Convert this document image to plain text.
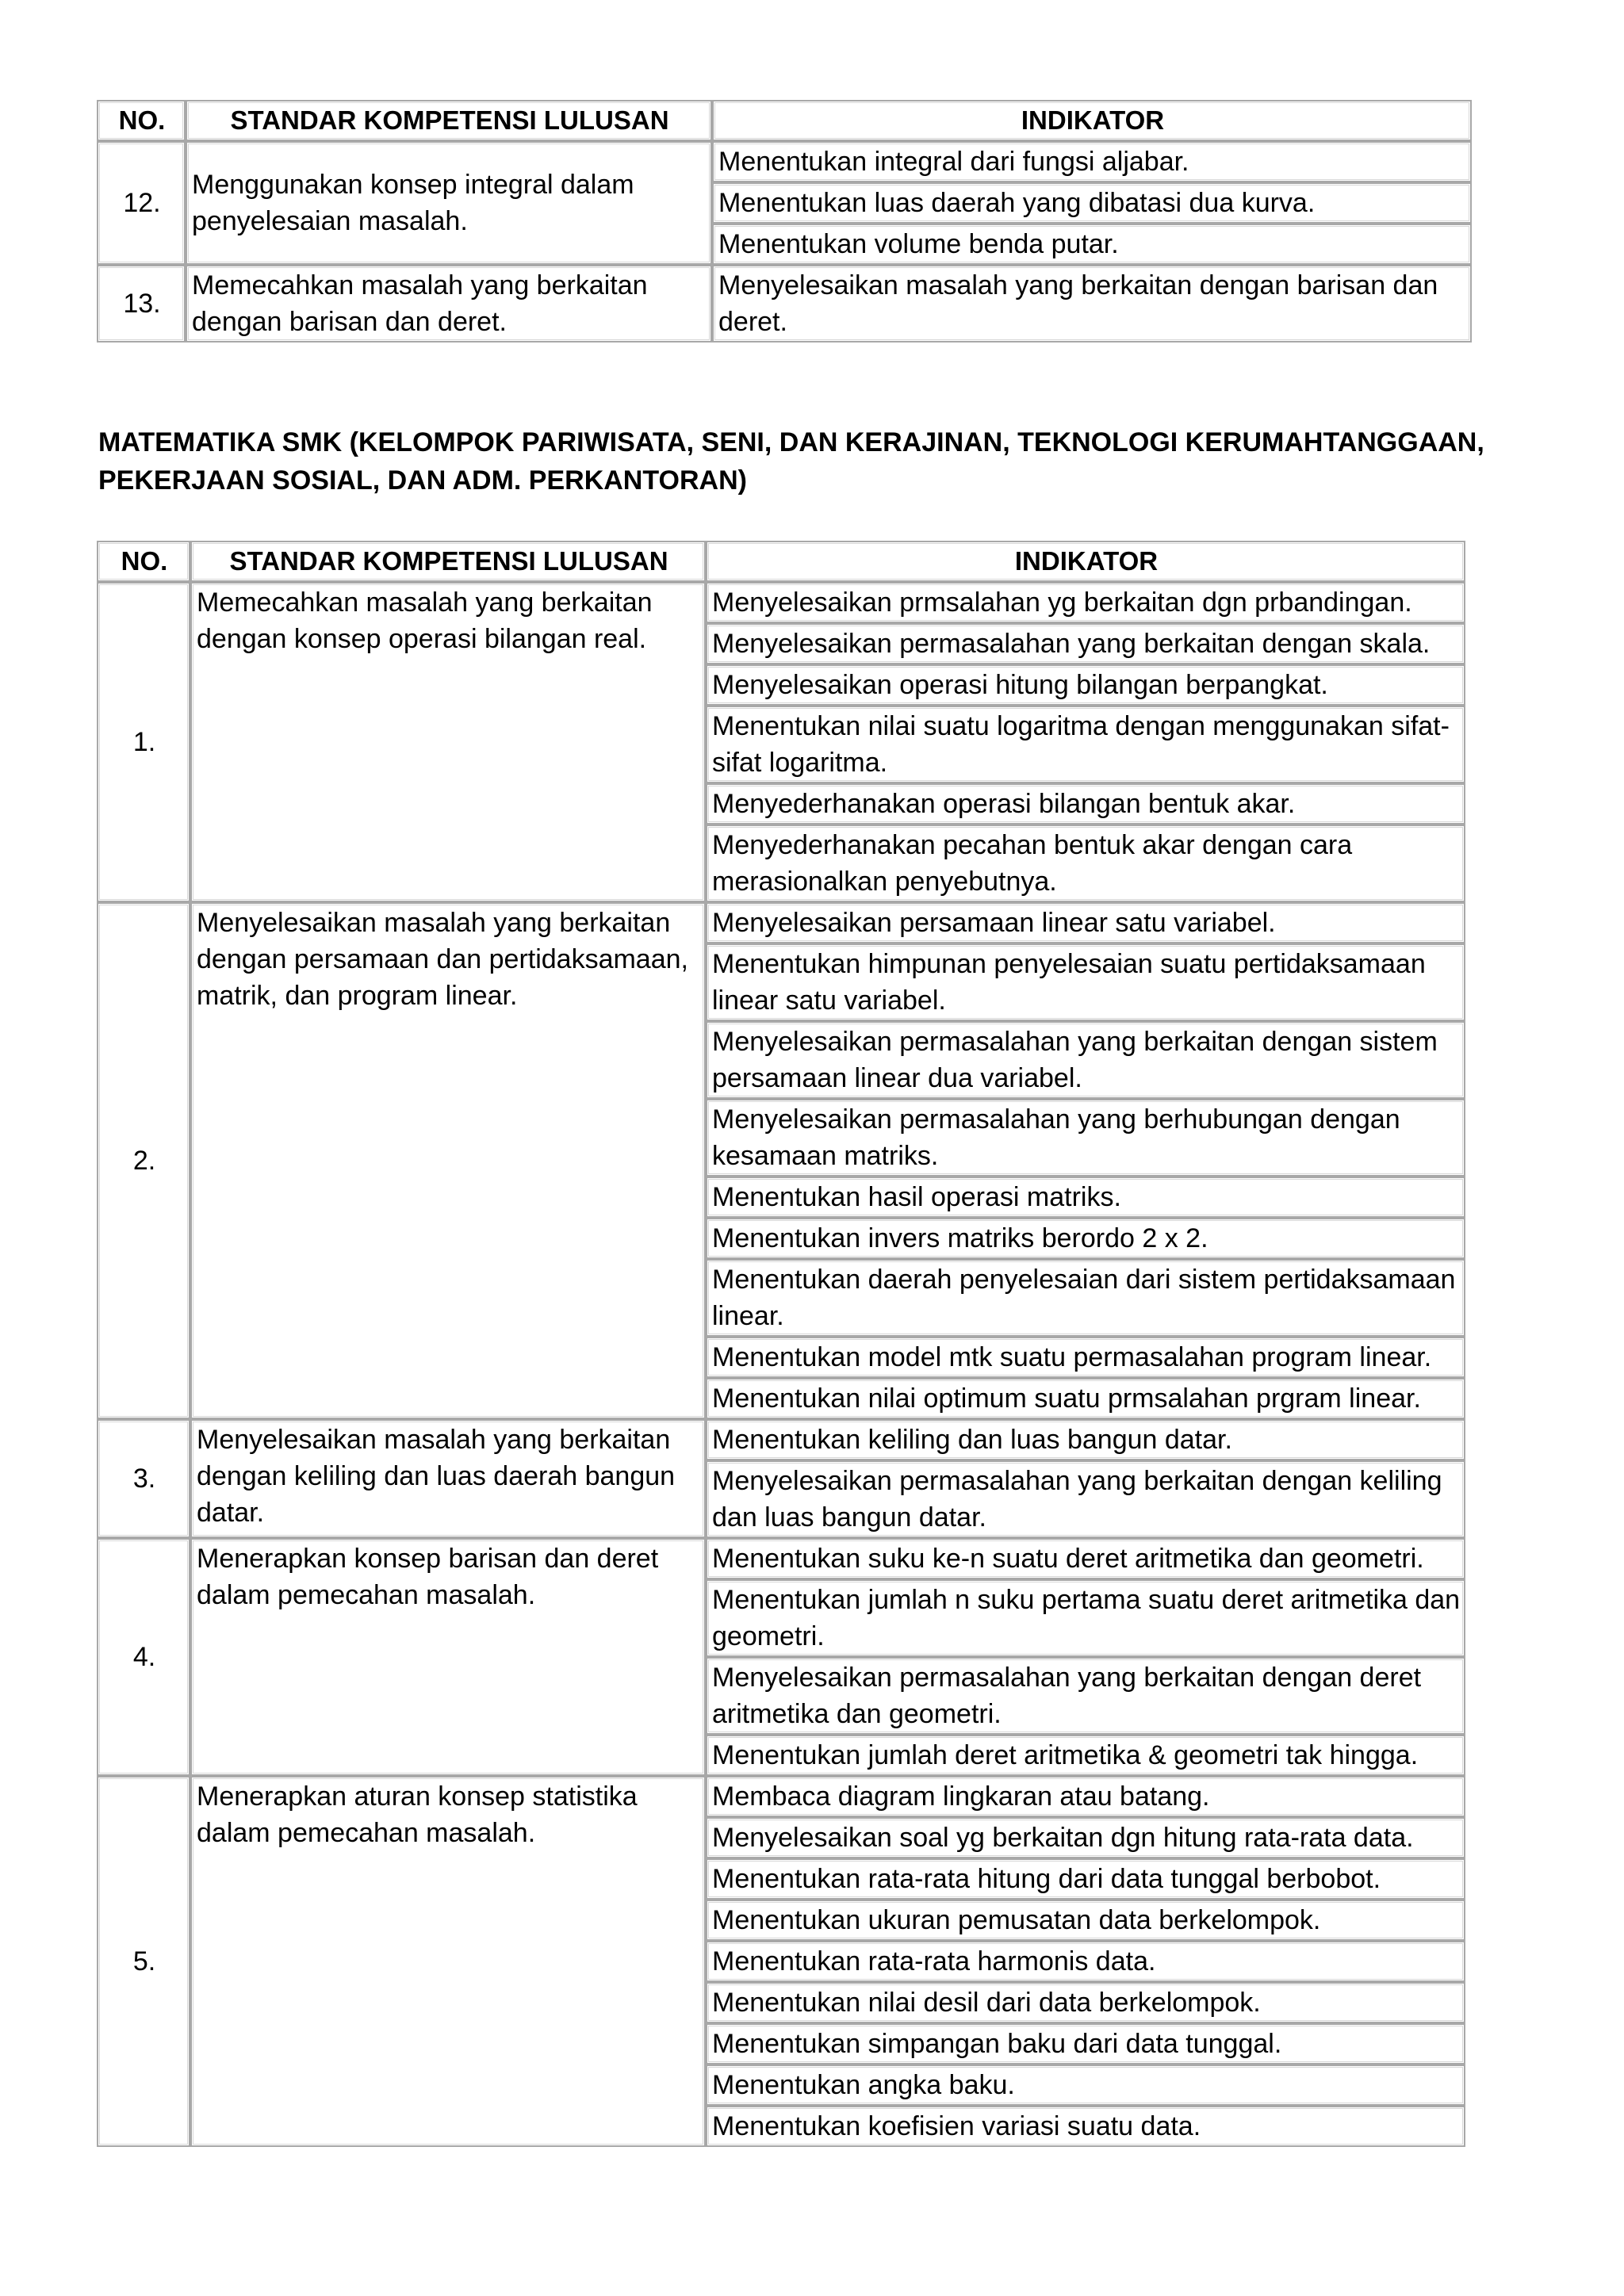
NO.	STANDAR KOMPETENSI LULUSAN	INDIKATOR
12.	Menggunakan konsep integral dalam penyelesaian masalah.	Menentukan integral dari fungsi aljabar.
		Menentukan luas daerah yang dibatasi dua kurva.
		Menentukan volume benda putar.
13.	Memecahkan masalah yang berkaitan dengan barisan dan deret.	Menyelesaikan masalah yang berkaitan dengan barisan dan deret.
MATEMATIKA SMK (KELOMPOK PARIWISATA, SENI, DAN KERAJINAN, TEKNOLOGI KERUMAHTANGGAAN, PEKERJAAN SOSIAL, DAN ADM. PERKANTORAN)
NO.	STANDAR KOMPETENSI LULUSAN	INDIKATOR
1.	Memecahkan masalah yang berkaitan dengan konsep operasi bilangan real.	Menyelesaikan prmsalahan yg berkaitan dgn prbandingan.
		Menyelesaikan permasalahan yang berkaitan dengan skala.
		Menyelesaikan operasi hitung bilangan berpangkat.
		Menentukan nilai suatu logaritma dengan menggunakan sifat-sifat logaritma.
		Menyederhanakan operasi bilangan bentuk akar.
		Menyederhanakan pecahan bentuk akar dengan cara merasionalkan penyebutnya.
2.	Menyelesaikan masalah yang berkaitan dengan persamaan dan pertidaksamaan, matrik, dan program linear.	Menyelesaikan persamaan linear satu variabel.
		Menentukan himpunan penyelesaian suatu pertidaksamaan linear satu variabel.
		Menyelesaikan permasalahan yang berkaitan dengan sistem persamaan linear dua variabel.
		Menyelesaikan permasalahan yang berhubungan dengan kesamaan matriks.
		Menentukan hasil operasi matriks.
		Menentukan invers matriks berordo 2 x 2.
		Menentukan daerah penyelesaian dari sistem pertidaksamaan linear.
		Menentukan model mtk suatu permasalahan program linear.
		Menentukan nilai optimum suatu prmsalahan prgram linear.
3.	Menyelesaikan masalah yang berkaitan dengan keliling dan luas daerah bangun datar.	Menentukan keliling dan luas bangun datar.
		Menyelesaikan permasalahan yang berkaitan dengan keliling dan luas bangun datar.
4.	Menerapkan konsep barisan dan deret dalam pemecahan masalah.	Menentukan suku ke-n suatu deret aritmetika dan geometri.
		Menentukan jumlah n suku pertama suatu deret aritmetika dan geometri.
		Menyelesaikan permasalahan yang berkaitan dengan deret aritmetika dan geometri.
		Menentukan jumlah deret aritmetika & geometri tak hingga.
5.	Menerapkan aturan konsep statistika dalam pemecahan masalah.	Membaca diagram lingkaran atau batang.
		Menyelesaikan soal yg berkaitan dgn hitung rata-rata data.
		Menentukan rata-rata hitung dari data tunggal berbobot.
		Menentukan ukuran pemusatan data berkelompok.
		Menentukan rata-rata harmonis data.
		Menentukan nilai desil dari data berkelompok.
		Menentukan simpangan baku dari data tunggal.
		Menentukan angka baku.
		Menentukan koefisien variasi suatu data.
